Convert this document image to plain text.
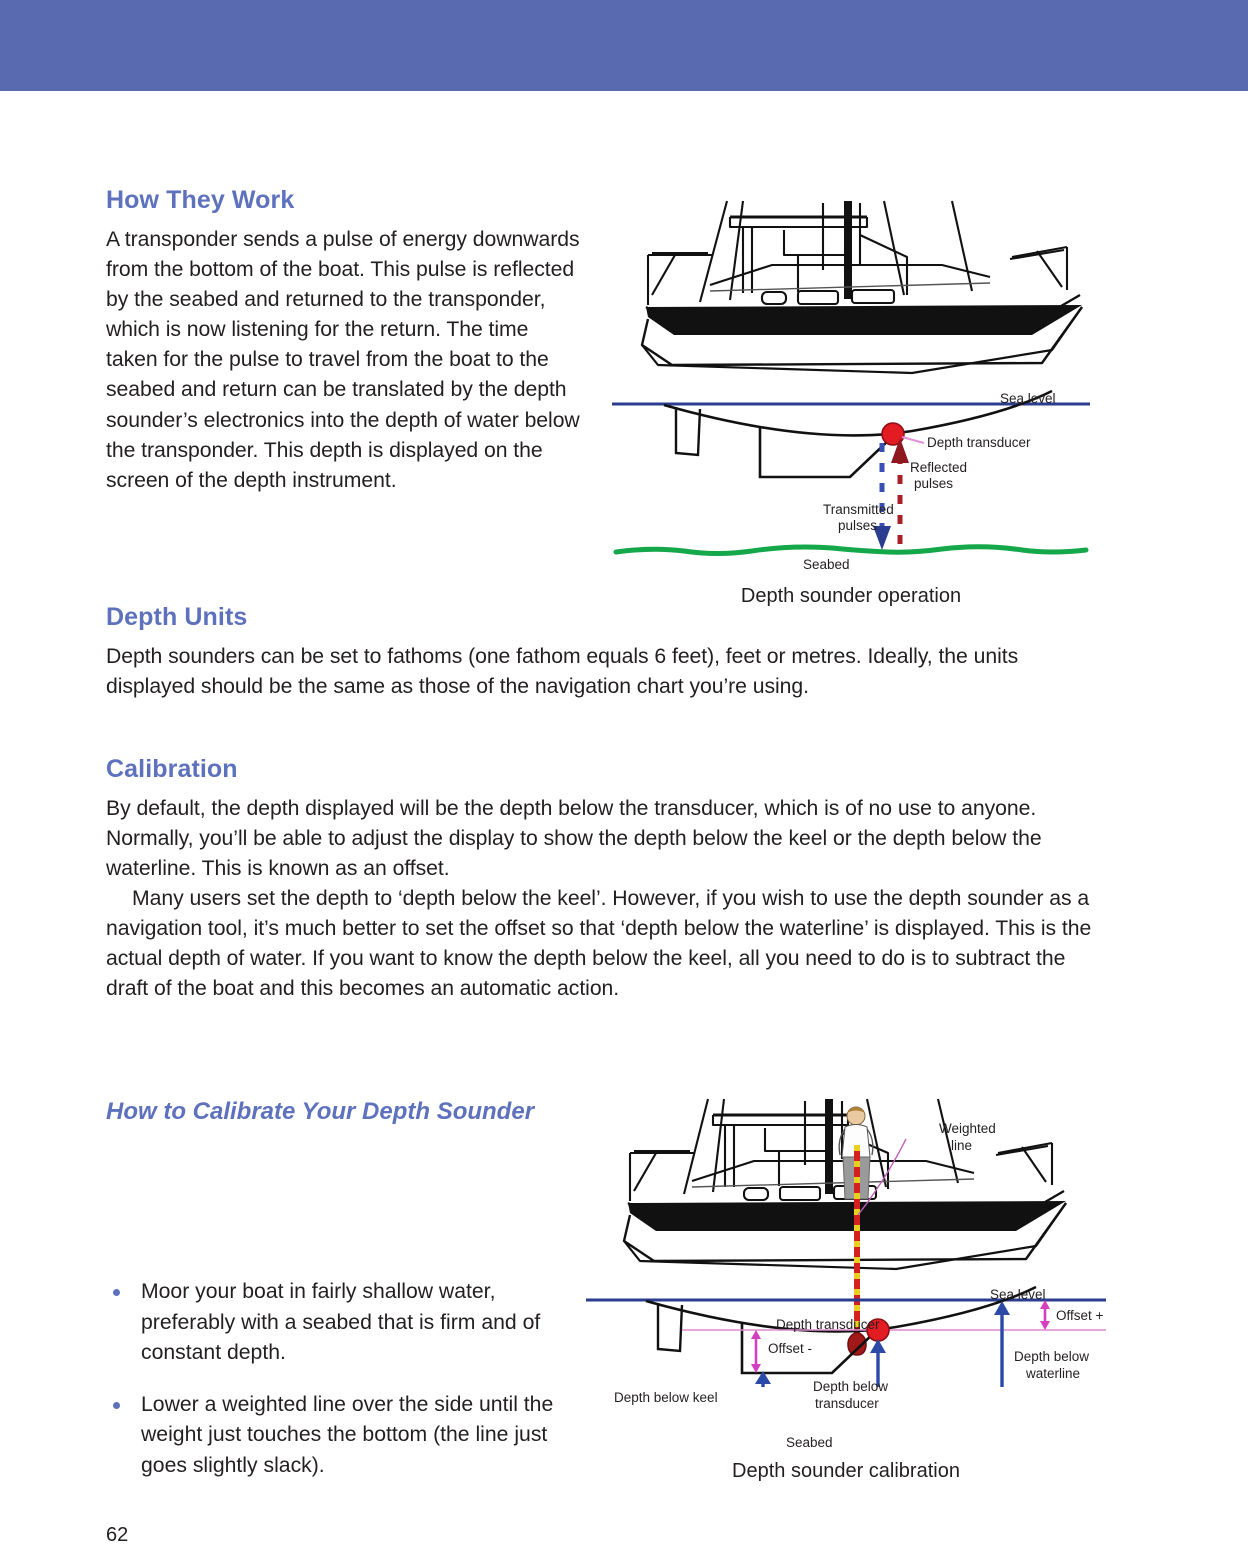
How They Work
A transponder sends a pulse of energy downwards from the bottom of the boat. This pulse is reflected by the seabed and returned to the transponder, which is now listening for the return. The time taken for the pulse to travel from the boat to the seabed and return can be translated by the depth sounder’s electronics into the depth of water below the transponder. This depth is displayed on the screen of the depth instrument.
Sea level
Depth transducer
Reflected
pulses
Transmitted
pulses
Seabed
Depth sounder operation
Depth Units
Depth sounders can be set to fathoms (one fathom equals 6 feet), feet or metres. Ideally, the units displayed should be the same as those of the navigation chart you’re using.
Calibration
By default, the depth displayed will be the depth below the transducer, which is of no use to anyone. Normally, you’ll be able to adjust the display to show the depth below the keel or the depth below the waterline. This is known as an offset.
Many users set the depth to ‘depth below the keel’. However, if you wish to use the depth sounder as a navigation tool, it’s much better to set the offset so that ‘depth below the waterline’ is displayed. This is the actual depth of water. If you want to know the depth below the keel, all you need to do is to subtract the draft of the boat and this becomes an automatic action.
How to Calibrate Your Depth Sounder
Moor your boat in fairly shallow water, preferably with a seabed that is firm and of constant depth.
Lower a weighted line over the side until the weight just touches the bottom (the line just goes slightly slack).
Weighted
line
Sea level
Offset +
Depth transducer
Offset -
Depth below
waterline
Depth below keel
Depth below
transducer
Seabed
Depth sounder calibration
62
